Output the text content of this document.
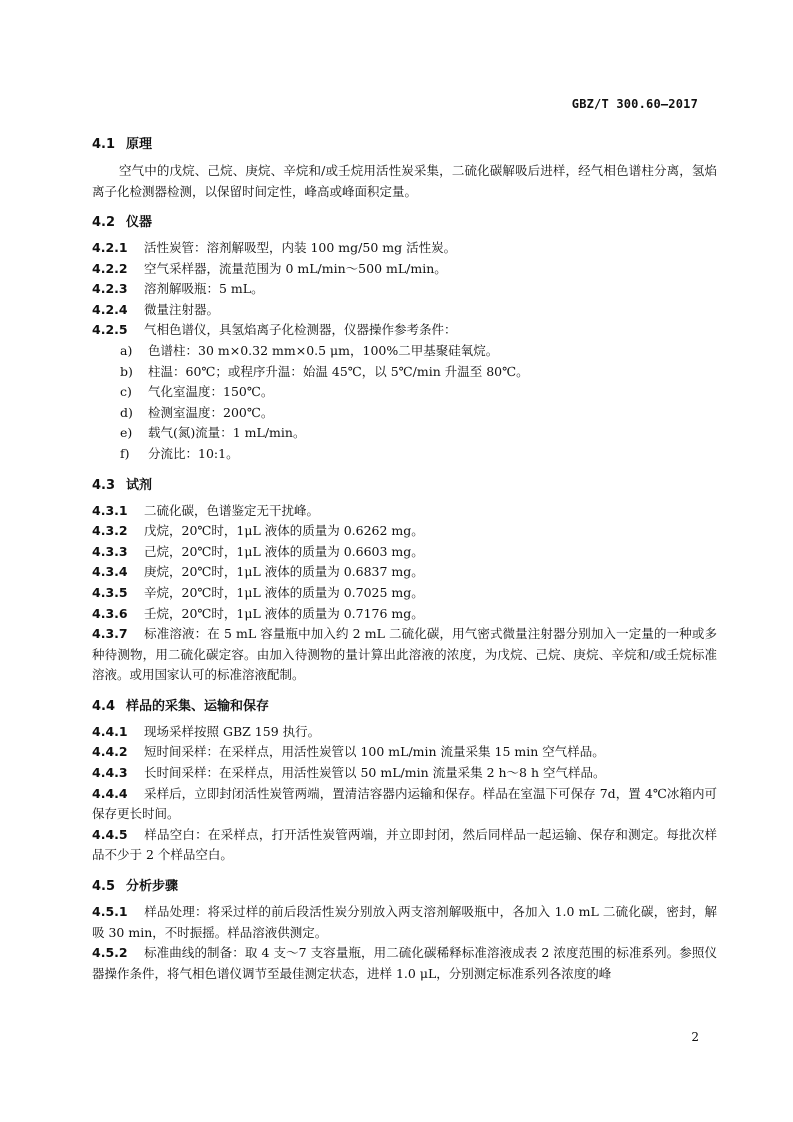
GBZ/T 300.60—2017
4.1 原理
空气中的戊烷、己烷、庚烷、辛烷和/或壬烷用活性炭采集，二硫化碳解吸后进样，经气相色谱柱分离，氢焰离子化检测器检测，以保留时间定性，峰高或峰面积定量。
4.2 仪器
4.2.1 活性炭管：溶剂解吸型，内装 100 mg/50 mg 活性炭。
4.2.2 空气采样器，流量范围为 0 mL/min～500 mL/min。
4.2.3 溶剂解吸瓶：5 mL。
4.2.4 微量注射器。
4.2.5 气相色谱仪，具氢焰离子化检测器，仪器操作参考条件：
a) 色谱柱：30 m×0.32 mm×0.5 μm，100%二甲基聚硅氧烷。
b) 柱温：60℃；或程序升温：始温 45℃，以 5℃/min 升温至 80℃。
c) 气化室温度：150℃。
d) 检测室温度：200℃。
e) 载气(氮)流量：1 mL/min。
f) 分流比：10:1。
4.3 试剂
4.3.1 二硫化碳，色谱鉴定无干扰峰。
4.3.2 戊烷，20℃时，1μL 液体的质量为 0.6262 mg。
4.3.3 己烷，20℃时，1μL 液体的质量为 0.6603 mg。
4.3.4 庚烷，20℃时，1μL 液体的质量为 0.6837 mg。
4.3.5 辛烷，20℃时，1μL 液体的质量为 0.7025 mg。
4.3.6 壬烷，20℃时，1μL 液体的质量为 0.7176 mg。
4.3.7 标准溶液：在 5 mL 容量瓶中加入约 2 mL 二硫化碳，用气密式微量注射器分别加入一定量的一种或多种待测物，用二硫化碳定容。由加入待测物的量计算出此溶液的浓度，为戊烷、己烷、庚烷、辛烷和/或壬烷标准溶液。或用国家认可的标准溶液配制。
4.4 样品的采集、运输和保存
4.4.1 现场采样按照 GBZ 159 执行。
4.4.2 短时间采样：在采样点，用活性炭管以 100 mL/min 流量采集 15 min 空气样品。
4.4.3 长时间采样：在采样点，用活性炭管以 50 mL/min 流量采集 2 h～8 h 空气样品。
4.4.4 采样后，立即封闭活性炭管两端，置清洁容器内运输和保存。样品在室温下可保存 7d，置 4℃冰箱内可保存更长时间。
4.4.5 样品空白：在采样点，打开活性炭管两端，并立即封闭，然后同样品一起运输、保存和测定。每批次样品不少于 2 个样品空白。
4.5 分析步骤
4.5.1 样品处理：将采过样的前后段活性炭分别放入两支溶剂解吸瓶中，各加入 1.0 mL 二硫化碳，密封，解吸 30 min，不时振摇。样品溶液供测定。
4.5.2 标准曲线的制备：取 4 支～7 支容量瓶，用二硫化碳稀释标准溶液成表 2 浓度范围的标准系列。参照仪器操作条件，将气相色谱仪调节至最佳测定状态，进样 1.0 μL，分别测定标准系列各浓度的峰
2
